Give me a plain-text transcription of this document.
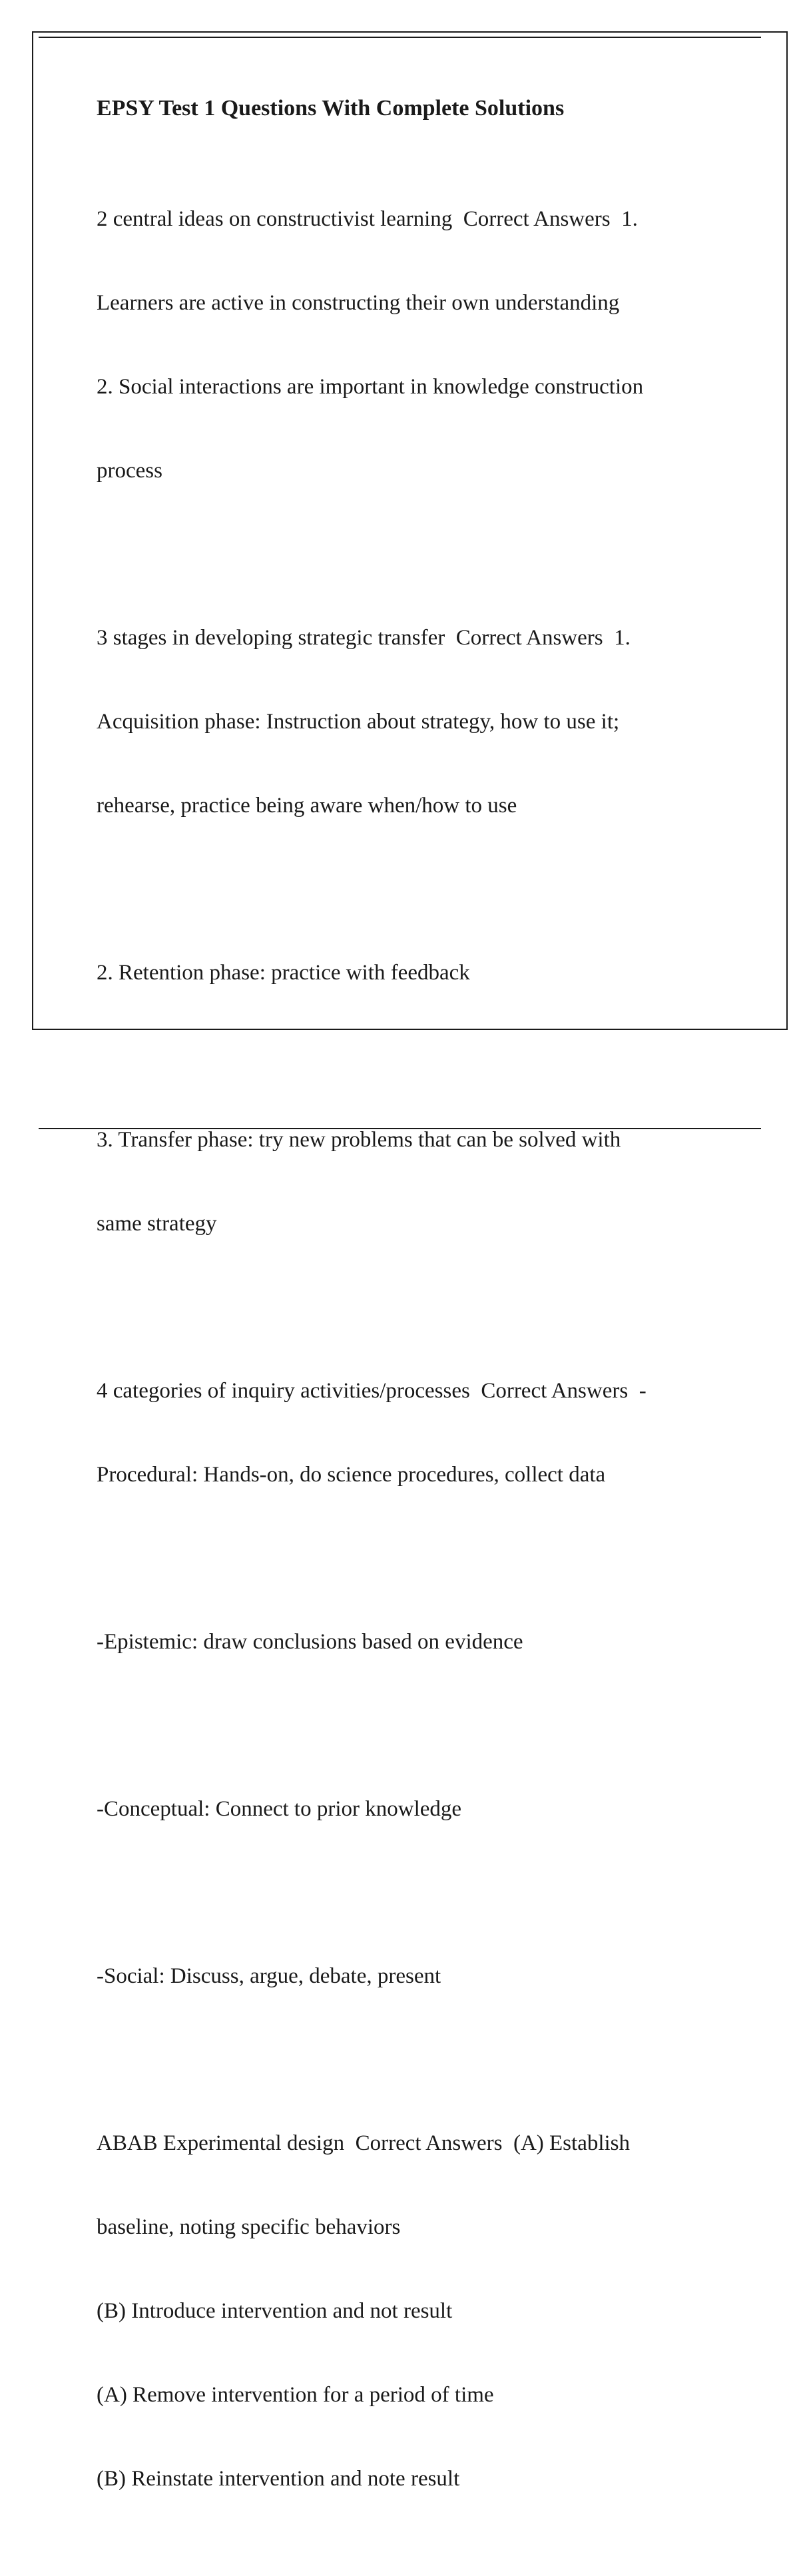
EPSY Test 1 Questions With Complete Solutions

2 central ideas on constructivist learning  Correct Answers  1.

Learners are active in constructing their own understanding

2. Social interactions are important in knowledge construction

process

3 stages in developing strategic transfer  Correct Answers  1.

Acquisition phase: Instruction about strategy, how to use it;

rehearse, practice being aware when/how to use

2. Retention phase: practice with feedback

3. Transfer phase: try new problems that can be solved with

same strategy

4 categories of inquiry activities/processes  Correct Answers  -

Procedural: Hands-on, do science procedures, collect data

-Epistemic: draw conclusions based on evidence

-Conceptual: Connect to prior knowledge

-Social: Discuss, argue, debate, present

ABAB Experimental design  Correct Answers  (A) Establish

baseline, noting specific behaviors

(B) Introduce intervention and not result

(A) Remove intervention for a period of time

(B) Reinstate intervention and note result
